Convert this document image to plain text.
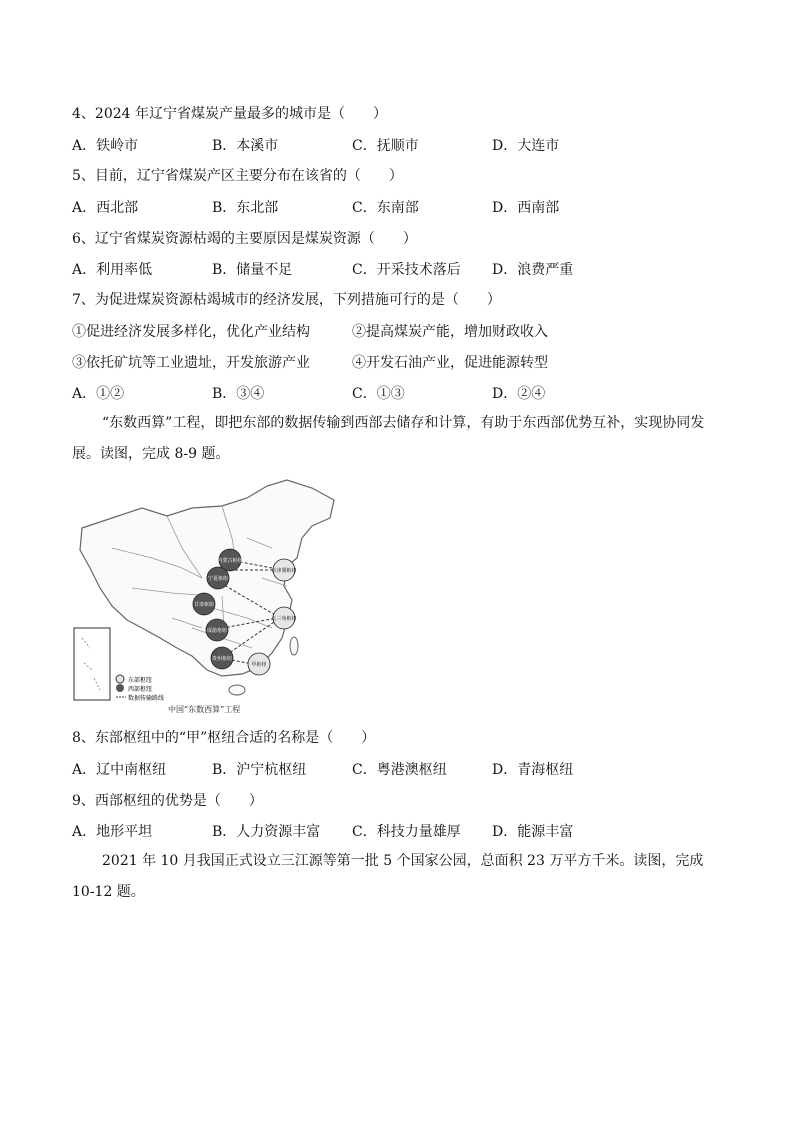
4、2024 年辽宁省煤炭产量最多的城市是（　　）
A．铁岭市	B．本溪市	C．抚顺市	D．大连市
5、目前，辽宁省煤炭产区主要分布在该省的（　　）
A．西北部	B．东北部	C．东南部	D．西南部
6、辽宁省煤炭资源枯竭的主要原因是煤炭资源（　　）
A．利用率低	B．储量不足	C．开采技术落后 D．浪费严重
7、为促进煤炭资源枯竭城市的经济发展，下列措施可行的是（　　）
①促进经济发展多样化，优化产业结构	②提高煤炭产能，增加财政收入
③依托矿坑等工业遗址，开发旅游产业	④开发石油产业，促进能源转型
A．①②	B．③④	C．①③	D．②④
“东数西算”工程，即把东部的数据传输到西部去储存和计算，有助于东西部优势互补，实现协同发展。读图，完成 8-9 题。
内蒙古枢纽
宁夏枢纽
京津冀枢纽
甘肃枢纽
成渝枢纽
长三角枢纽
贵州枢纽
甲枢纽
东部枢纽
西部枢纽
数据传输路线
中国“东数西算”工程
8、东部枢纽中的“甲”枢纽合适的名称是（　　）
A．辽中南枢纽	B．沪宁杭枢纽	C．粤港澳枢纽	D．青海枢纽
9、西部枢纽的优势是（　　）
A．地形平坦	B．人力资源丰富 C．科技力量雄厚 D．能源丰富
2021 年 10 月我国正式设立三江源等第一批 5 个国家公园，总面积 23 万平方千米。读图，完成 10-12 题。
